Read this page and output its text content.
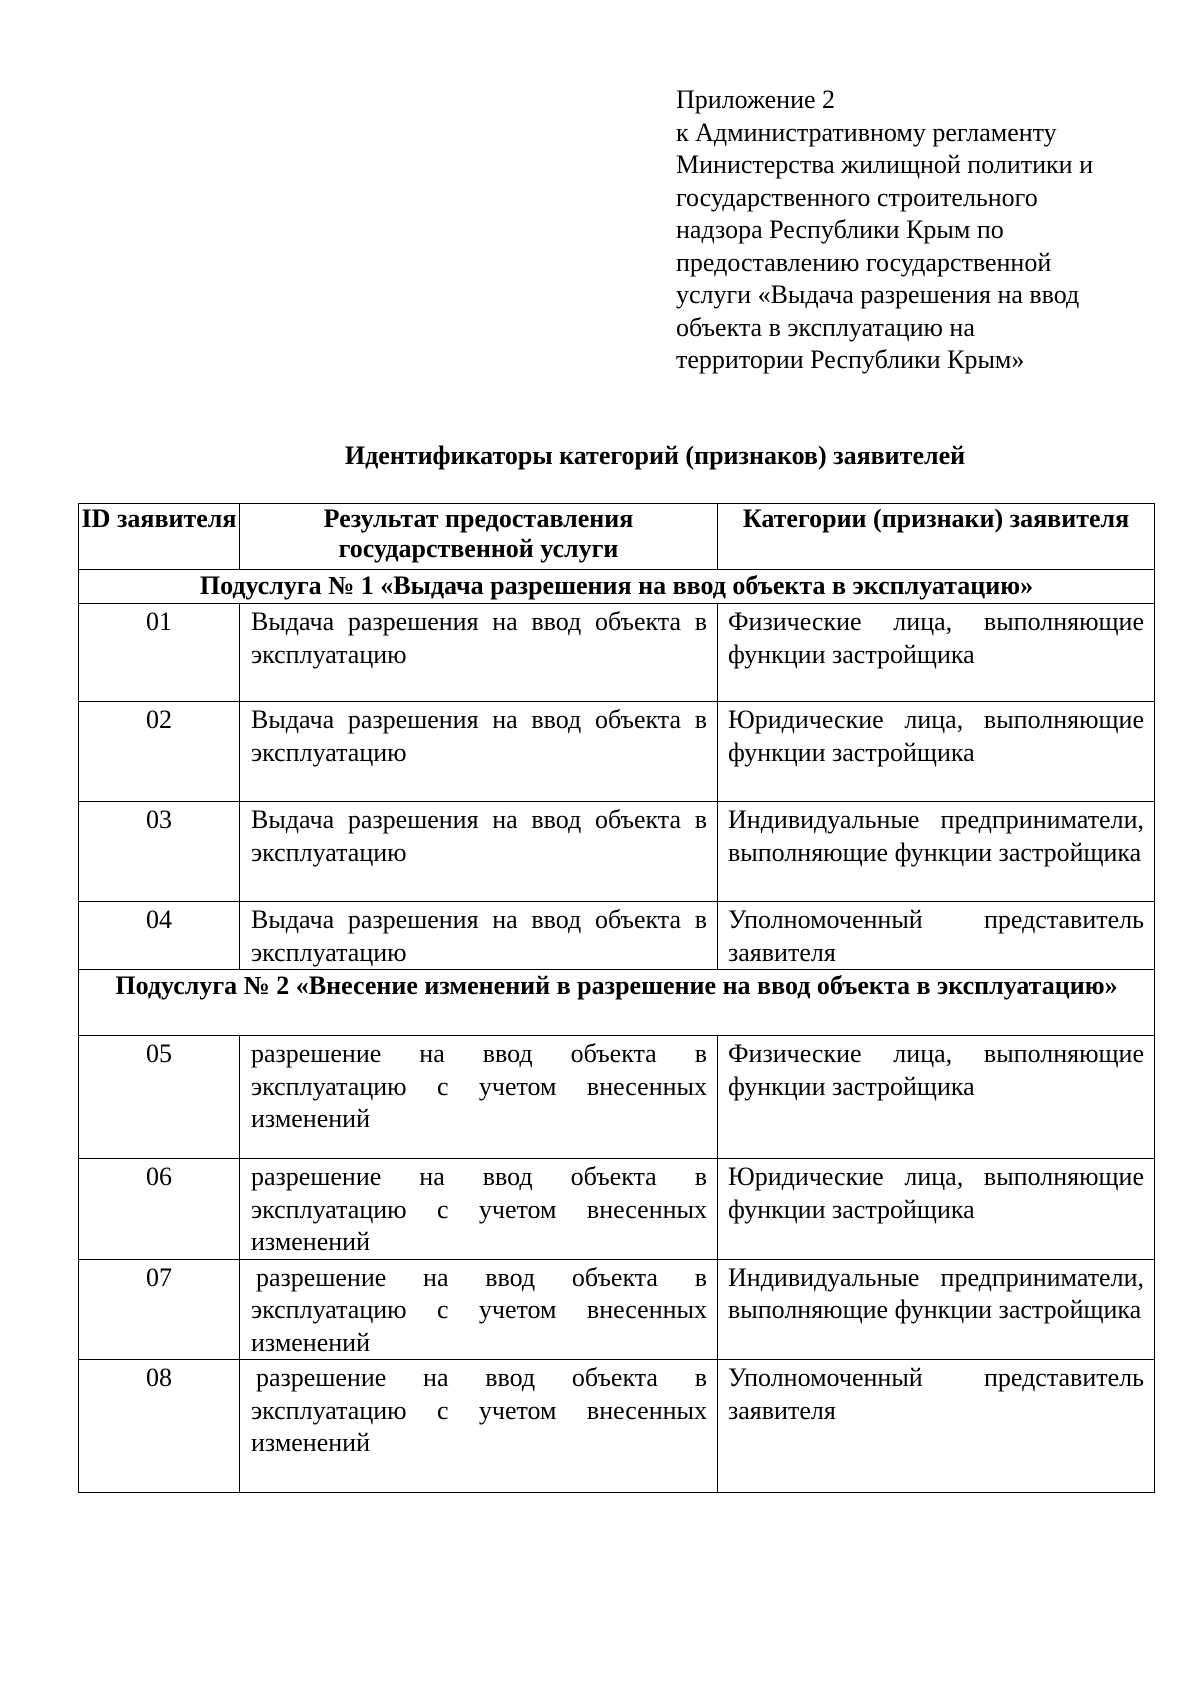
Приложение 2
к Административному регламенту
Министерства жилищной политики и
государственного строительного
надзора Республики Крым по
предоставлению государственной
услуги «Выдача разрешения на ввод
объекта в эксплуатацию на
территории Республики Крым»
Идентификаторы категорий (признаков) заявителей
ID заявителя	Результат предоставления государственной услуги	Категории (признаки) заявителя
Подуслуга № 1 «Выдача разрешения на ввод объекта в эксплуатацию»		
01	Выдача разрешения на ввод объекта в эксплуатацию	Физические лица, выполняющие функции застройщика
02	Выдача разрешения на ввод объекта в эксплуатацию	Юридические лица, выполняющие функции застройщика
03	Выдача разрешения на ввод объекта в эксплуатацию	Индивидуальные предприниматели, выполняющие функции застройщика
04	Выдача разрешения на ввод объекта в эксплуатацию	Уполномоченный представитель заявителя
Подуслуга № 2 «Внесение изменений в разрешение на ввод объекта в эксплуатацию»		
05	разрешение на ввод объекта в эксплуатацию с учетом внесенных изменений	Физические лица, выполняющие функции застройщика
06	разрешение на ввод объекта в эксплуатацию с учетом внесенных изменений	Юридические лица, выполняющие функции застройщика
07	разрешение на ввод объекта в эксплуатацию с учетом внесенных изменений	Индивидуальные предприниматели, выполняющие функции застройщика
08	разрешение на ввод объекта в эксплуатацию с учетом внесенных изменений	Уполномоченный представитель заявителя
